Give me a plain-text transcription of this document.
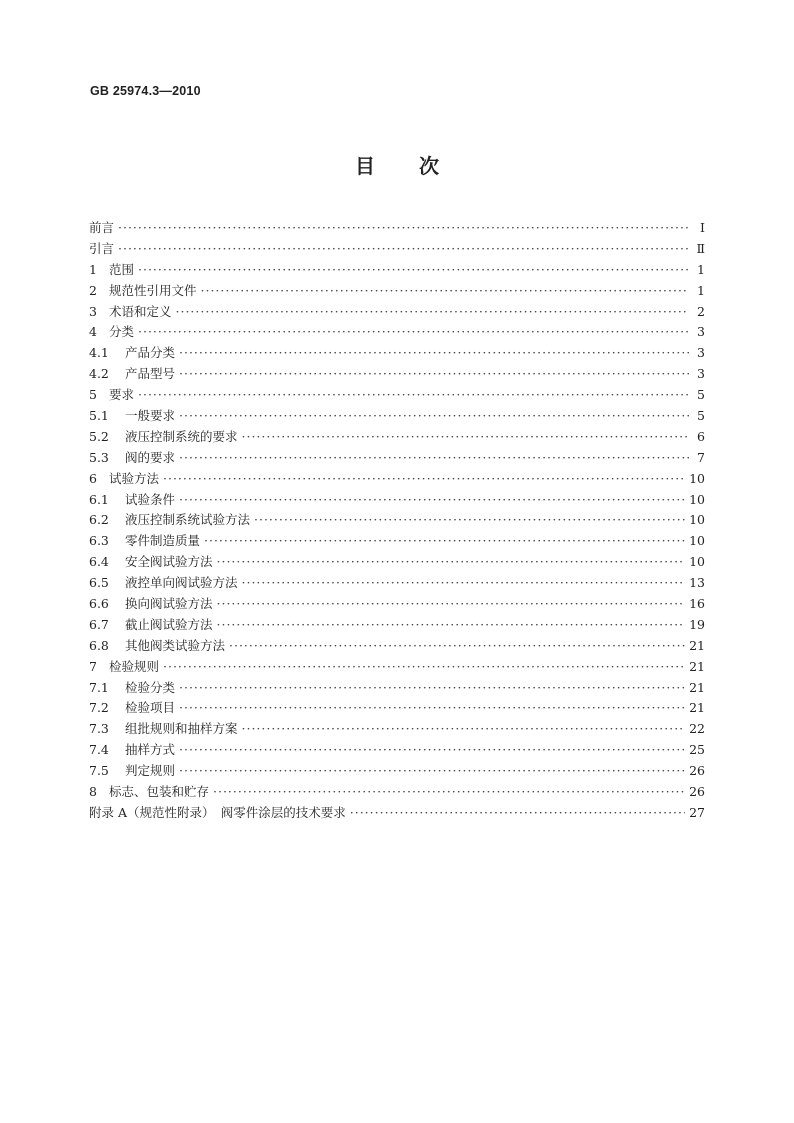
GB 25974.3—2010
目 次
前言 ·····	Ⅰ
引言 ·····	Ⅱ
1 范围 ·····	1
2 规范性引用文件 ·····	1
3 术语和定义 ·····	2
4 分类 ·····	3
4.1 产品分类 ·····	3
4.2 产品型号 ·····	3
5 要求 ·····	5
5.1 一般要求 ·····	5
5.2 液压控制系统的要求 ·····	6
5.3 阀的要求 ·····	7
6 试验方法 ·····	10
6.1 试验条件 ·····	10
6.2 液压控制系统试验方法 ·····	10
6.3 零件制造质量 ·····	10
6.4 安全阀试验方法 ·····	10
6.5 液控单向阀试验方法 ·····	13
6.6 换向阀试验方法 ·····	16
6.7 截止阀试验方法 ·····	19
6.8 其他阀类试验方法 ·····	21
7 检验规则 ·····	21
7.1 检验分类 ·····	21
7.2 检验项目 ·····	21
7.3 组批规则和抽样方案 ·····	22
7.4 抽样方式 ·····	25
7.5 判定规则 ·····	26
8 标志、包装和贮存 ·····	26
附录 A（规范性附录）　阀零件涂层的技术要求 ·····	27
